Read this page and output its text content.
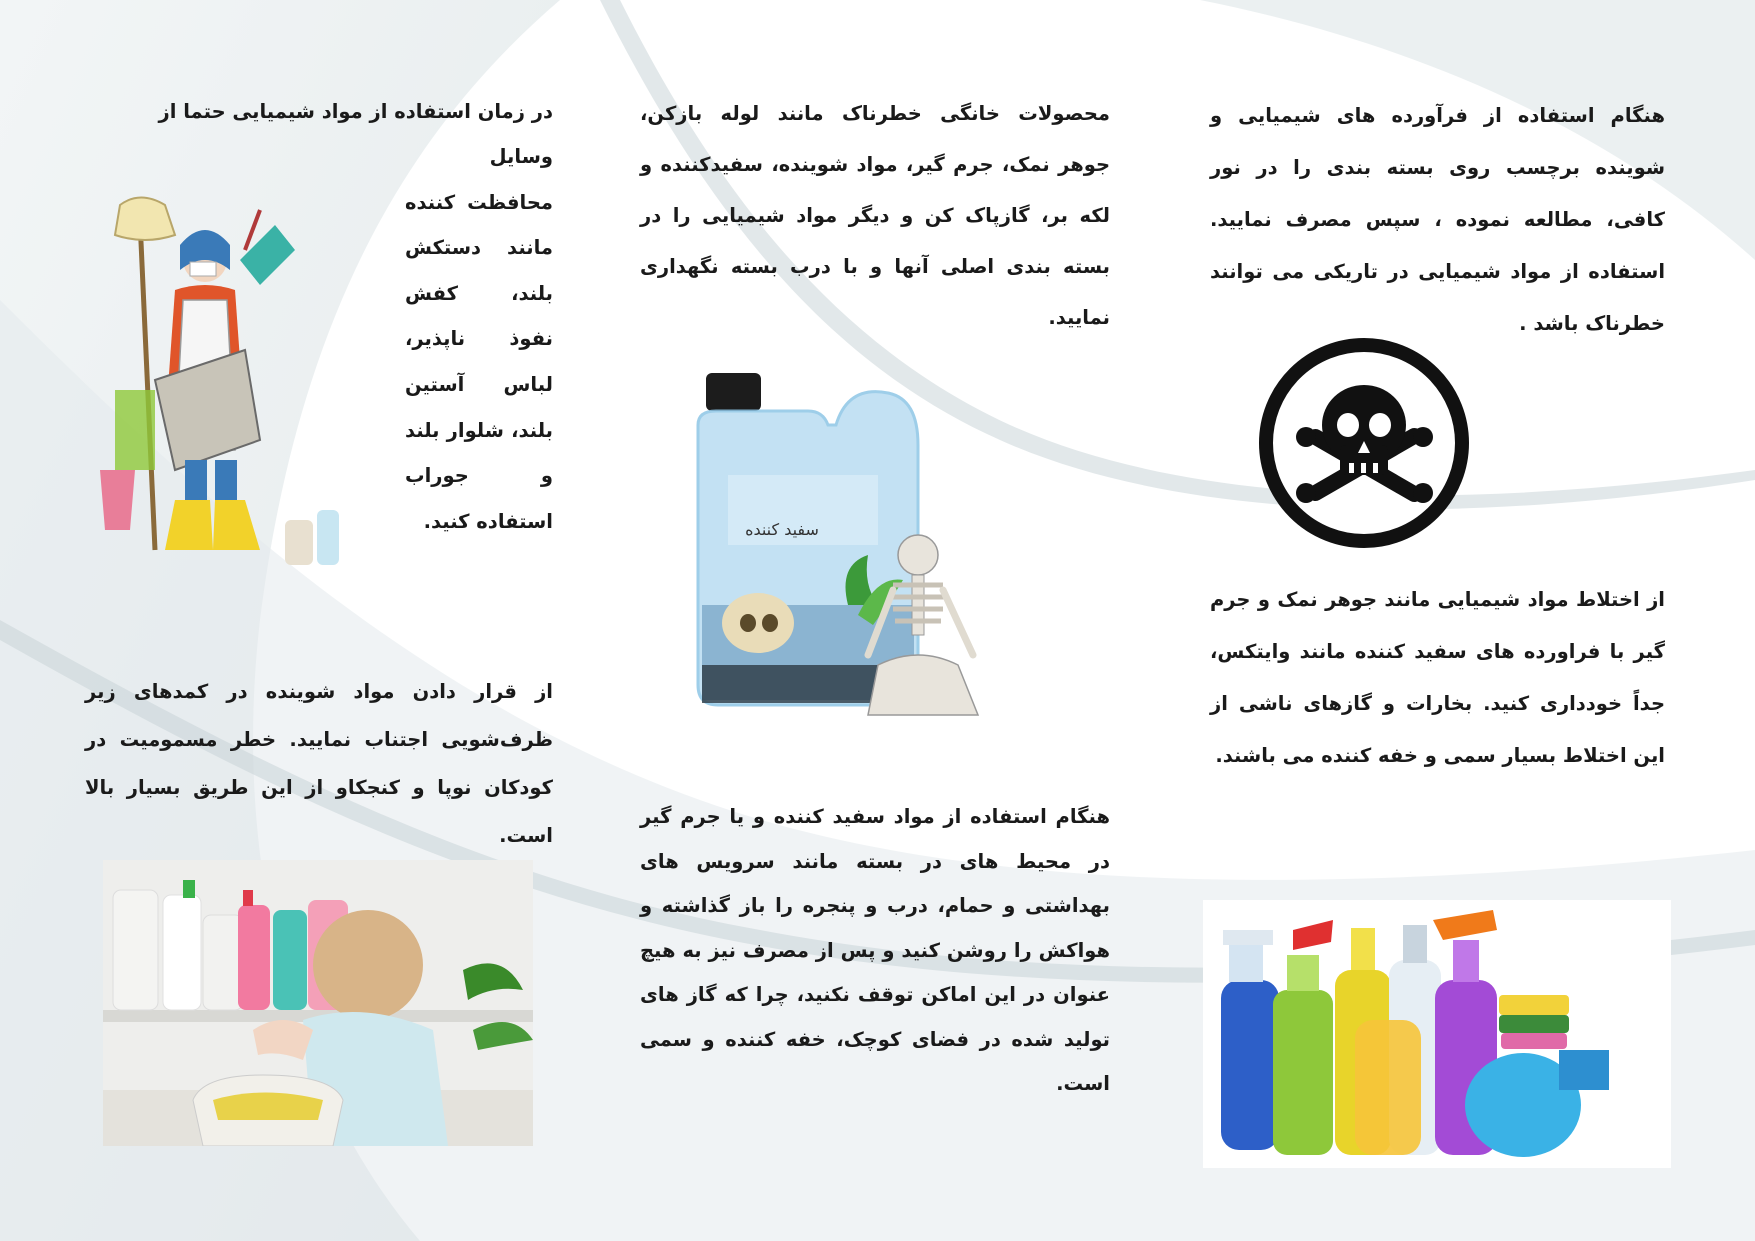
هنگام استفاده از فرآورده های شیمیایی و شوینده برچسب روی بسته بندی را در نور کافی، مطالعه نموده ، سپس مصرف نمایید. استفاده از مواد شیمیایی در تاریکی می توانند خطرناک باشد .
از اختلاط مواد شیمیایی مانند جوهر نمک و جرم گیر با فراورده های سفید کننده مانند وایتکس، جداً خودداری کنید. بخارات و گازهای ناشی از این اختلاط بسیار سمی و خفه کننده می باشند.
محصولات خانگی خطرناک مانند لوله بازکن، جوهر نمک، جرم گیر، مواد شوینده، سفیدکننده و لکه بر، گازپاک کن و دیگر مواد شیمیایی را در بسته بندی اصلی آنها و با درب بسته نگهداری نمایید.
سفید کننده
هنگام استفاده از مواد سفید کننده و یا جرم گیر در محیط های در بسته مانند سرویس های بهداشتی و حمام، درب و پنجره را باز گذاشته و هواکش را روشن کنید و پس از مصرف نیز به هیچ عنوان در این اماکن توقف نکنید، چرا که گاز های تولید شده در فضای کوچک، خفه کننده و سمی است.
در زمان استفاده از مواد شیمیایی حتما از
وسایل محافظت کننده مانند دستکش بلند، کفش نفوذ ناپذیر، لباس آستین بلند، شلوار بلند و جوراب استفاده کنید.
از قرار دادن مواد شوینده در کمدهای زیر ظرف‌شویی اجتناب نمایید. خطر مسمومیت در کودکان نوپا و کنجکاو از این طریق بسیار بالا است.
